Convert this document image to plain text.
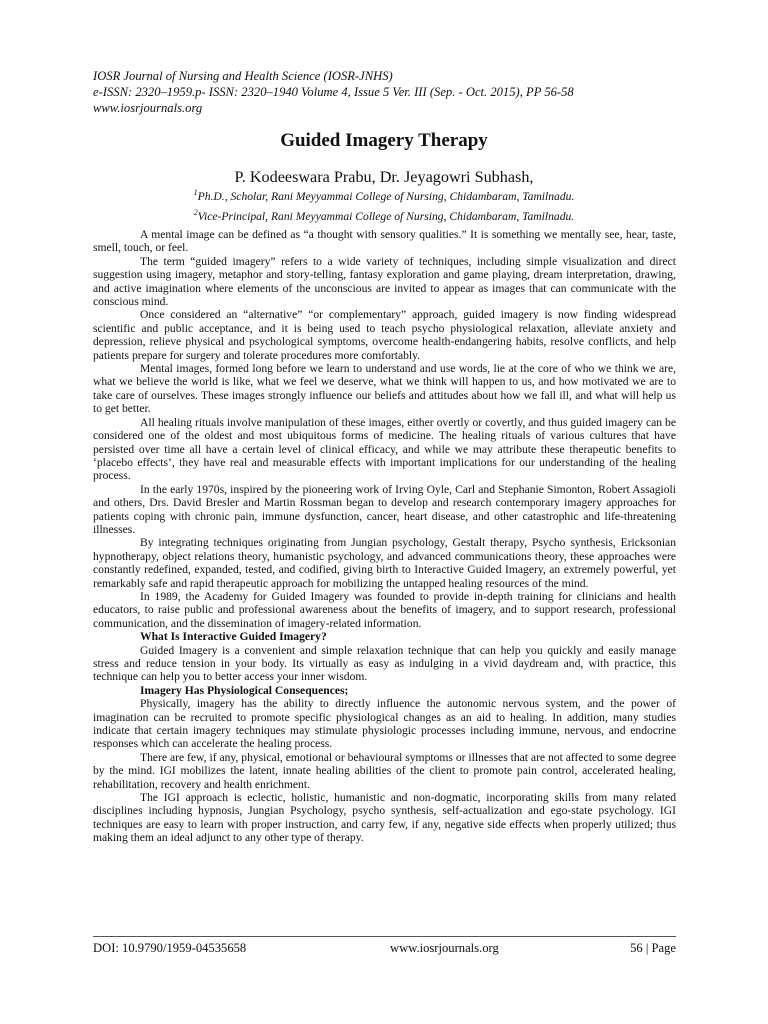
IOSR Journal of Nursing and Health Science (IOSR-JNHS)
e-ISSN: 2320–1959.p- ISSN: 2320–1940 Volume 4, Issue 5 Ver. III (Sep. - Oct. 2015), PP 56-58
www.iosrjournals.org
Guided Imagery Therapy
P. Kodeeswara Prabu, Dr. Jeyagowri Subhash,
$^1$Ph.D., Scholar, Rani Meyyammai College of Nursing, Chidambaram, Tamilnadu.
$^2$Vice-Principal, Rani Meyyammai College of Nursing, Chidambaram, Tamilnadu.

A mental image can be defined as “a thought with sensory qualities.” It is something we mentally see, hear, taste, smell, touch, or feel.

The term “guided imagery” refers to a wide variety of techniques, including simple visualization and direct suggestion using imagery, metaphor and story-telling, fantasy exploration and game playing, dream interpretation, drawing, and active imagination where elements of the unconscious are invited to appear as images that can communicate with the conscious mind.

Once considered an “alternative” “or complementary” approach, guided imagery is now finding widespread scientific and public acceptance, and it is being used to teach psycho physiological relaxation, alleviate anxiety and depression, relieve physical and psychological symptoms, overcome health-endangering habits, resolve conflicts, and help patients prepare for surgery and tolerate procedures more comfortably.

Mental images, formed long before we learn to understand and use words, lie at the core of who we think we are, what we believe the world is like, what we feel we deserve, what we think will happen to us, and how motivated we are to take care of ourselves. These images strongly influence our beliefs and attitudes about how we fall ill, and what will help us to get better.

All healing rituals involve manipulation of these images, either overtly or covertly, and thus guided imagery can be considered one of the oldest and most ubiquitous forms of medicine. The healing rituals of various cultures that have persisted over time all have a certain level of clinical efficacy, and while we may attribute these therapeutic benefits to ‘placebo effects’, they have real and measurable effects with important implications for our understanding of the healing process.

In the early 1970s, inspired by the pioneering work of Irving Oyle, Carl and Stephanie Simonton, Robert Assagioli and others, Drs. David Bresler and Martin Rossman began to develop and research contemporary imagery approaches for patients coping with chronic pain, immune dysfunction, cancer, heart disease, and other catastrophic and life-threatening illnesses.

By integrating techniques originating from Jungian psychology, Gestalt therapy, Psycho synthesis, Ericksonian hypnotherapy, object relations theory, humanistic psychology, and advanced communications theory, these approaches were constantly redefined, expanded, tested, and codified, giving birth to Interactive Guided Imagery, an extremely powerful, yet remarkably safe and rapid therapeutic approach for mobilizing the untapped healing resources of the mind.

In 1989, the Academy for Guided Imagery was founded to provide in-depth training for clinicians and health educators, to raise public and professional awareness about the benefits of imagery, and to support research, professional communication, and the dissemination of imagery-related information.

What Is Interactive Guided Imagery?

Guided Imagery is a convenient and simple relaxation technique that can help you quickly and easily manage stress and reduce tension in your body. Its virtually as easy as indulging in a vivid daydream and, with practice, this technique can help you to better access your inner wisdom.

Imagery Has Physiological Consequences;

Physically, imagery has the ability to directly influence the autonomic nervous system, and the power of imagination can be recruited to promote specific physiological changes as an aid to healing. In addition, many studies indicate that certain imagery techniques may stimulate physiologic processes including immune, nervous, and endocrine responses which can accelerate the healing process.

There are few, if any, physical, emotional or behavioural symptoms or illnesses that are not affected to some degree by the mind. IGI mobilizes the latent, innate healing abilities of the client to promote pain control, accelerated healing, rehabilitation, recovery and health enrichment.

The IGI approach is eclectic, holistic, humanistic and non-dogmatic, incorporating skills from many related disciplines including hypnosis, Jungian Psychology, psycho synthesis, self-actualization and ego-state psychology. IGI techniques are easy to learn with proper instruction, and carry few, if any, negative side effects when properly utilized; thus making them an ideal adjunct to any other type of therapy.

DOI: 10.9790/1959-04535658	www.iosrjournals.org	56 | Page
